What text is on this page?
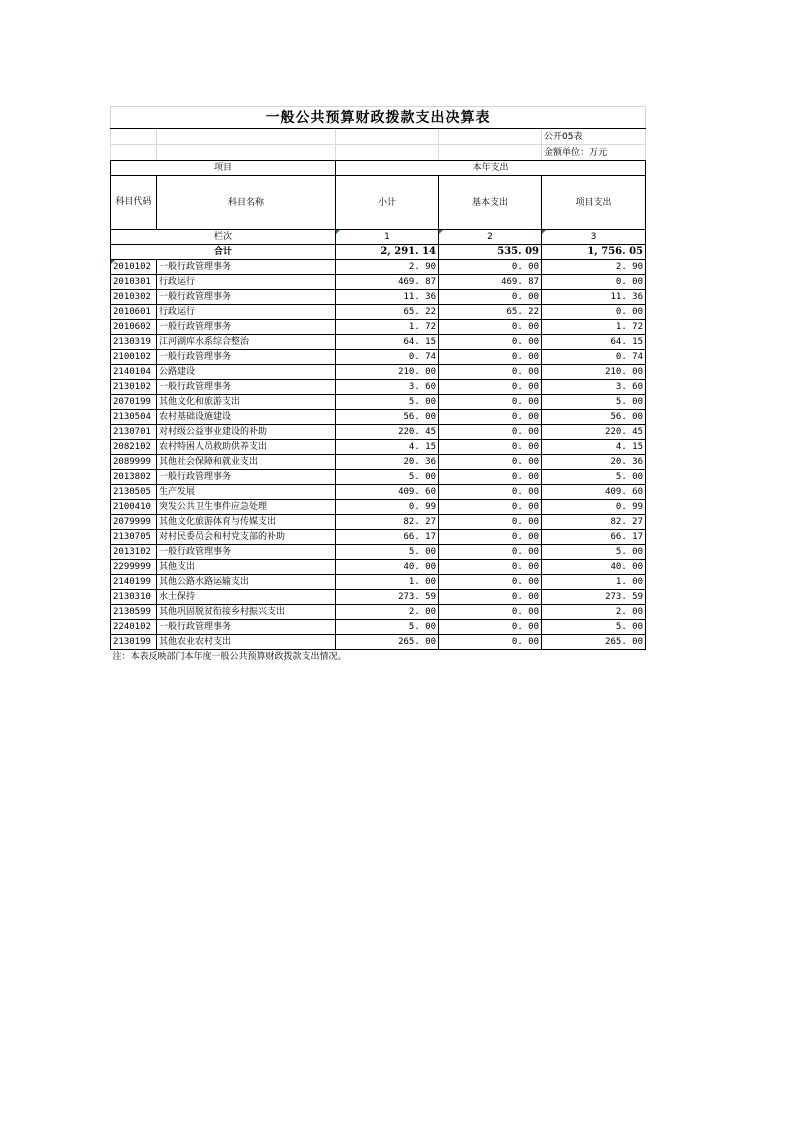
一般公共预算财政拨款支出决算表				
				公开05表
				金额单位：万元
项目		本年支出		
科目代码	科目名称	小计	基本支出	项目支出
栏次		1	2	3
合计		2, 291. 14	535. 09	1, 756. 05
2010102	一般行政管理事务	2. 90	0. 00	2. 90
2010301	行政运行	469. 87	469. 87	0. 00
2010302	一般行政管理事务	11. 36	0. 00	11. 36
2010601	行政运行	65. 22	65. 22	0. 00
2010602	一般行政管理事务	1. 72	0. 00	1. 72
2130319	江河湖库水系综合整治	64. 15	0. 00	64. 15
2100102	一般行政管理事务	0. 74	0. 00	0. 74
2140104	公路建设	210. 00	0. 00	210. 00
2130102	一般行政管理事务	3. 60	0. 00	3. 60
2070199	其他文化和旅游支出	5. 00	0. 00	5. 00
2130504	农村基础设施建设	56. 00	0. 00	56. 00
2130701	对村级公益事业建设的补助	220. 45	0. 00	220. 45
2082102	农村特困人员救助供养支出	4. 15	0. 00	4. 15
2089999	其他社会保障和就业支出	20. 36	0. 00	20. 36
2013802	一般行政管理事务	5. 00	0. 00	5. 00
2130505	生产发展	409. 60	0. 00	409. 60
2100410	突发公共卫生事件应急处理	0. 99	0. 00	0. 99
2079999	其他文化旅游体育与传媒支出	82. 27	0. 00	82. 27
2130705	对村民委员会和村党支部的补助	66. 17	0. 00	66. 17
2013102	一般行政管理事务	5. 00	0. 00	5. 00
2299999	其他支出	40. 00	0. 00	40. 00
2140199	其他公路水路运输支出	1. 00	0. 00	1. 00
2130310	水土保持	273. 59	0. 00	273. 59
2130599	其他巩固脱贫衔接乡村振兴支出	2. 00	0. 00	2. 00
2240102	一般行政管理事务	5. 00	0. 00	5. 00
2130199	其他农业农村支出	265. 00	0. 00	265. 00
注：本表反映部门本年度一般公共预算财政拨款支出情况。				
